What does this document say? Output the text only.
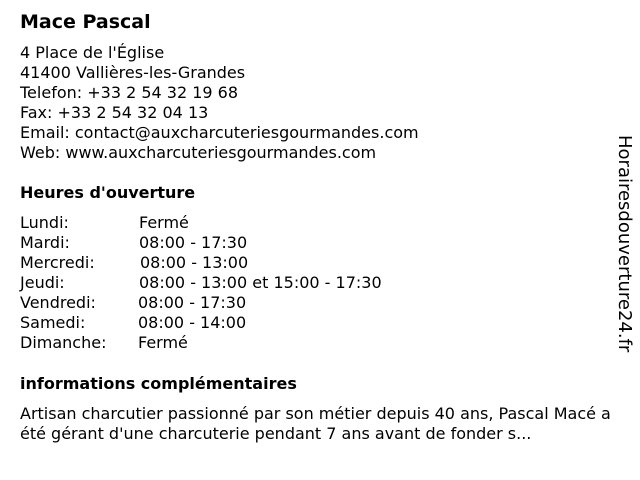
Mace Pascal
4 Place de l'Église
41400 Vallières-les-Grandes
Telefon: +33 2 54 32 19 68
Fax: +33 2 54 32 04 13
Email: contact@auxcharcuteriesgourmandes.com
Web: www.auxcharcuteriesgourmandes.com
Heures d'ouverture
Lundi:	Fermé
Mardi:	08:00 - 17:30
Mercredi:	08:00 - 13:00
Jeudi:	08:00 - 13:00 et 15:00 - 17:30
Vendredi:	08:00 - 17:30
Samedi:	08:00 - 14:00
Dimanche: Fermé
informations complémentaires
Artisan charcutier passionné par son métier depuis 40 ans, Pascal Macé a été gérant d'une charcuterie pendant 7 ans avant de fonder s...
Horairesdouverture24.fr
